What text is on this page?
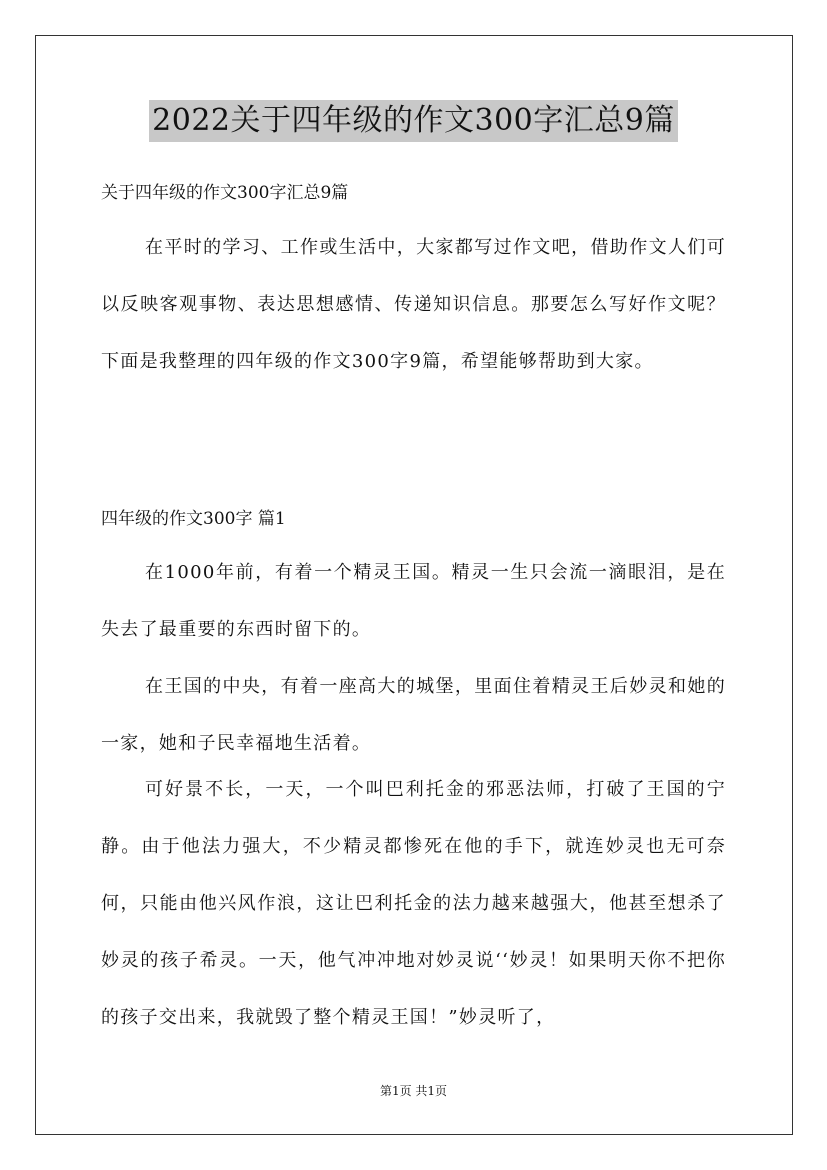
2022关于四年级的作文300字汇总9篇
关于四年级的作文300字汇总9篇

在平时的学习、工作或生活中，大家都写过作文吧，借助作文人们可以反映客观事物、表达思想感情、传递知识信息。那要怎么写好作文呢？下面是我整理的四年级的作文300字9篇，希望能够帮助到大家。

四年级的作文300字 篇1

在1000年前，有着一个精灵王国。精灵一生只会流一滴眼泪，是在失去了最重要的东西时留下的。

在王国的中央，有着一座高大的城堡，里面住着精灵王后妙灵和她的一家，她和子民幸福地生活着。

可好景不长，一天，一个叫巴利托金的邪恶法师，打破了王国的宁静。由于他法力强大，不少精灵都惨死在他的手下，就连妙灵也无可奈何，只能由他兴风作浪，这让巴利托金的法力越来越强大，他甚至想杀了妙灵的孩子希灵。一天，他气冲冲地对妙灵说‘‘妙灵！如果明天你不把你的孩子交出来，我就毁了整个精灵王国！”妙灵听了，

第1页 共1页
